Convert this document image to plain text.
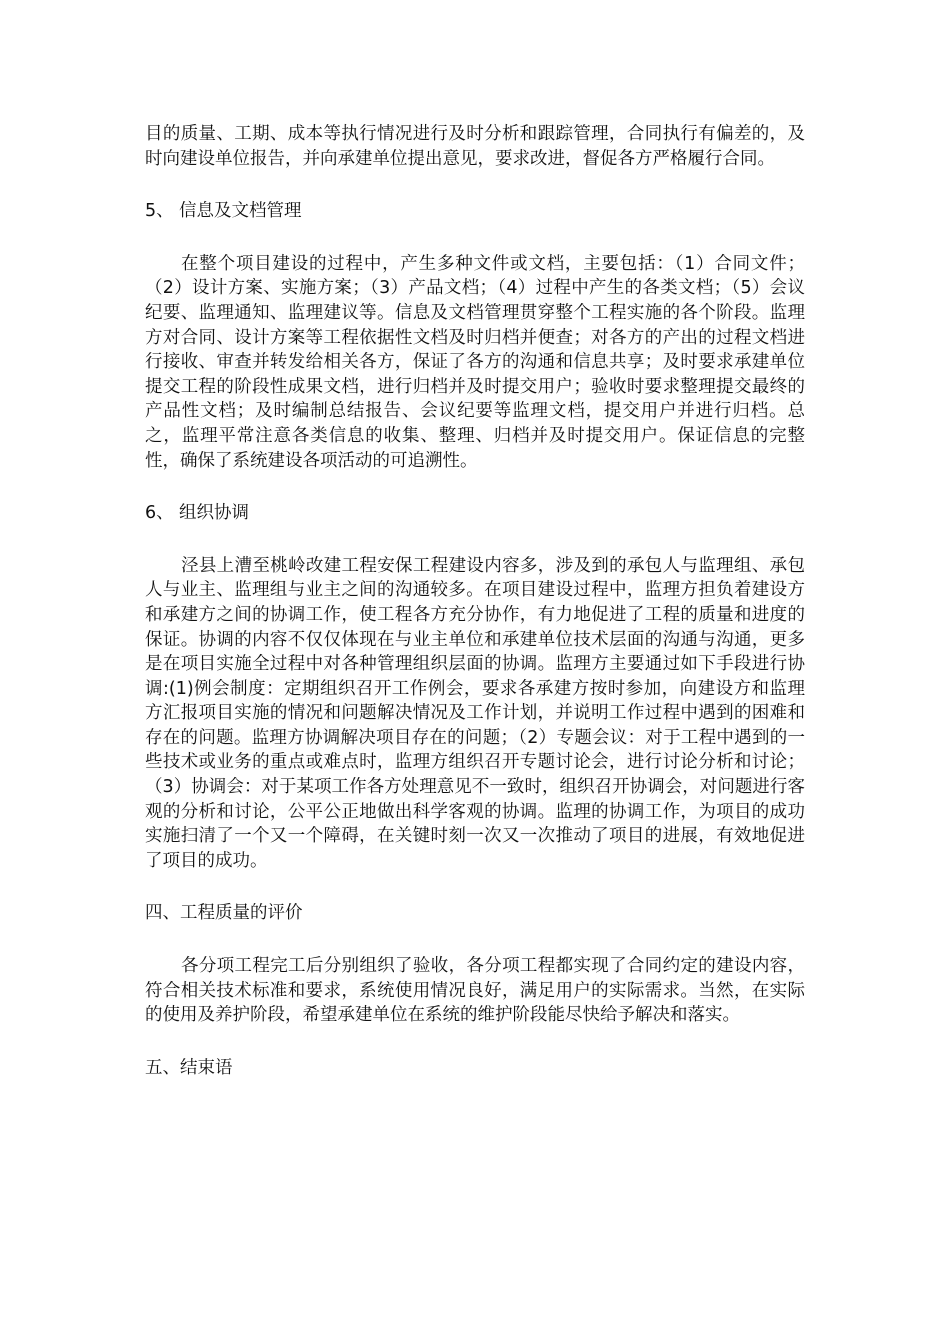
目的质量、工期、成本等执行情况进行及时分析和跟踪管理，合同执行有偏差的，及时向建设单位报告，并向承建单位提出意见，要求改进，督促各方严格履行合同。

5、 信息及文档管理

在整个项目建设的过程中，产生多种文件或文档，主要包括：（1）合同文件；（2）设计方案、实施方案；（3）产品文档；（4）过程中产生的各类文档；（5）会议纪要、监理通知、监理建议等。信息及文档管理贯穿整个工程实施的各个阶段。监理方对合同、设计方案等工程依据性文档及时归档并便查；对各方的产出的过程文档进行接收、审查并转发给相关各方，保证了各方的沟通和信息共享；及时要求承建单位提交工程的阶段性成果文档，进行归档并及时提交用户；验收时要求整理提交最终的产品性文档；及时编制总结报告、会议纪要等监理文档，提交用户并进行归档。总之，监理平常注意各类信息的收集、整理、归档并及时提交用户。保证信息的完整性，确保了系统建设各项活动的可追溯性。

6、 组织协调

泾县上漕至桃岭改建工程安保工程建设内容多，涉及到的承包人与监理组、承包人与业主、监理组与业主之间的沟通较多。在项目建设过程中，监理方担负着建设方和承建方之间的协调工作，使工程各方充分协作，有力地促进了工程的质量和进度的保证。协调的内容不仅仅体现在与业主单位和承建单位技术层面的沟通与沟通，更多是在项目实施全过程中对各种管理组织层面的协调。监理方主要通过如下手段进行协调:(1)例会制度：定期组织召开工作例会，要求各承建方按时参加，向建设方和监理方汇报项目实施的情况和问题解决情况及工作计划，并说明工作过程中遇到的困难和存在的问题。监理方协调解决项目存在的问题；（2）专题会议：对于工程中遇到的一些技术或业务的重点或难点时，监理方组织召开专题讨论会，进行讨论分析和讨论；（3）协调会：对于某项工作各方处理意见不一致时，组织召开协调会，对问题进行客观的分析和讨论，公平公正地做出科学客观的协调。监理的协调工作，为项目的成功实施扫清了一个又一个障碍，在关键时刻一次又一次推动了项目的进展，有效地促进了项目的成功。

四、工程质量的评价

各分项工程完工后分别组织了验收，各分项工程都实现了合同约定的建设内容，符合相关技术标准和要求，系统使用情况良好，满足用户的实际需求。当然，在实际的使用及养护阶段，希望承建单位在系统的维护阶段能尽快给予解决和落实。

五、结束语
